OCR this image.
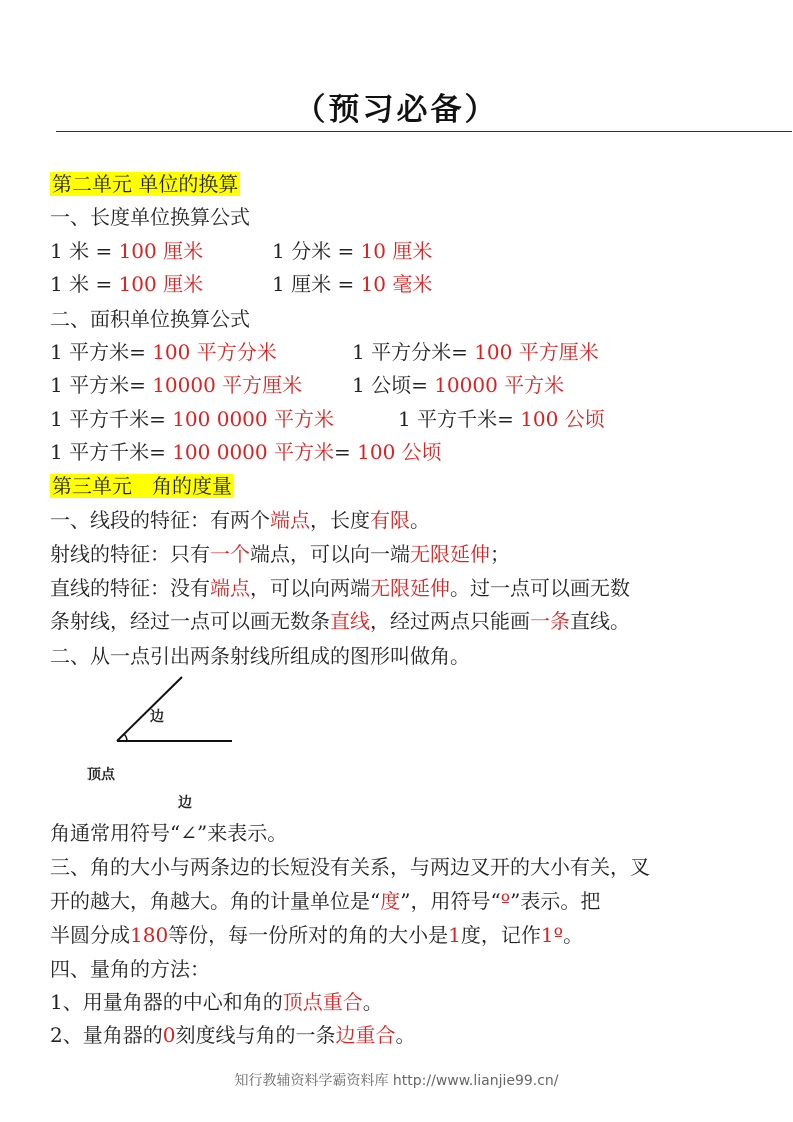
（预习必备）
第二单元 单位的换算
一、长度单位换算公式
1 米 = 100 厘米	1 分米 = 10 厘米
1 米 = 100 厘米	1 厘米 = 10 毫米
二、面积单位换算公式
1 平方米= 100 平方分米	1 平方分米= 100 平方厘米
1 平方米= 10000 平方厘米 1 公顷= 10000 平方米
1 平方千米= 100 0000 平方米	1 平方千米= 100 公顷
1 平方千米= 100 0000 平方米= 100 公顷
第三单元　角的度量
一、线段的特征：有两个端点，长度有限。
射线的特征：只有一个端点，可以向一端无限延伸；
直线的特征：没有端点，可以向两端无限延伸。过一点可以画无数
条射线，经过一点可以画无数条直线，经过两点只能画一条直线。
二、从一点引出两条射线所组成的图形叫做角。
边
顶点
边
角通常用符号“∠”来表示。
三、角的大小与两条边的长短没有关系，与两边叉开的大小有关，叉
开的越大，角越大。角的计量单位是“度”，用符号“º”表示。把
半圆分成180等份，每一份所对的角的大小是1度，记作1º。
四、量角的方法：
1、用量角器的中心和角的顶点重合。
2、量角器的0刻度线与角的一条边重合。
知行教辅资料学霸资料库 http://www.lianjie99.cn/
